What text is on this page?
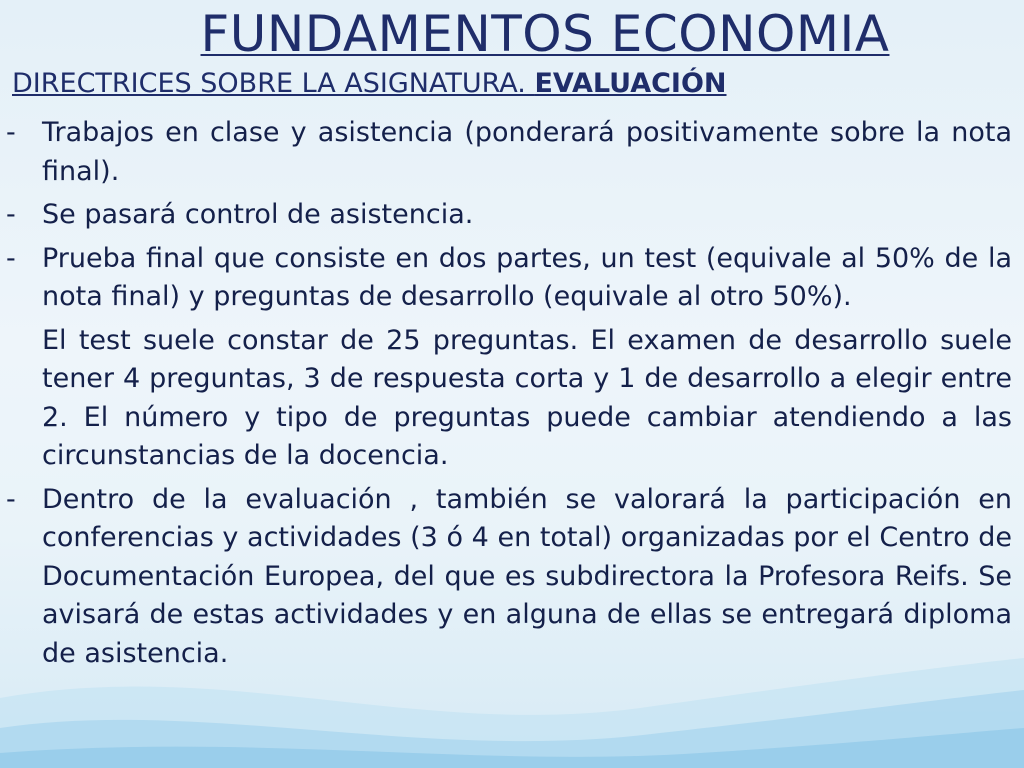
FUNDAMENTOS ECONOMIA
DIRECTRICES SOBRE LA ASIGNATURA. EVALUACIÓN
- Trabajos en clase y asistencia (ponderará positivamente sobre la nota final).
- Se pasará control de asistencia.
- Prueba final que consiste en dos partes, un test (equivale al 50% de la nota final) y preguntas de desarrollo (equivale al otro 50%).
El test suele constar de 25 preguntas. El examen de desarrollo suele tener 4 preguntas, 3 de respuesta corta y 1 de desarrollo a elegir entre 2. El número y tipo de preguntas puede cambiar atendiendo a las circunstancias de la docencia.
- Dentro de la evaluación , también se valorará la participación en conferencias y actividades (3 ó 4 en total) organizadas por el Centro de Documentación Europea, del que es subdirectora la Profesora Reifs. Se avisará de estas actividades y en alguna de ellas se entregará diploma de asistencia.
